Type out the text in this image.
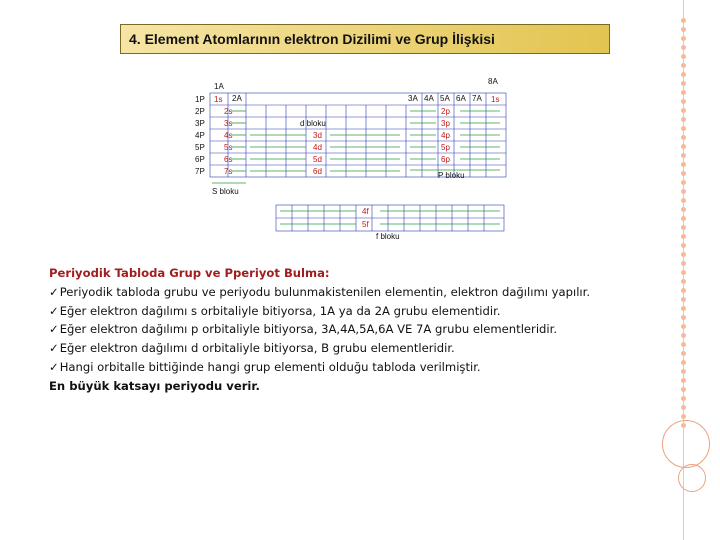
4. Element Atomlarının elektron Dizilimi ve Grup İlişkisi
1A
2A
8A
3A 4A 5A 6A 7A
1P
2P
3P
4P
5P
6P
7P
1s
2s
3s
4s
5s
6s
7s
d bloku
3d
4d
5d
6d
1s
2p
3p
4p
5p
6p
P bloku
S bloku
4f
5f
f bloku
Periyodik Tabloda Grup ve Pperiyot Bulma:
✓Periyodik tabloda grubu ve periyodu bulunmakistenilen elementin, elektron dağılımı yapılır.
✓Eğer elektron dağılımı s orbitaliyle bitiyorsa, 1A ya da 2A grubu elementidir.
✓Eğer elektron dağılımı p orbitaliyle bitiyorsa, 3A,4A,5A,6A VE 7A grubu elementleridir.
✓Eğer elektron dağılımı d orbitaliyle bitiyorsa, B grubu elementleridir.
✓Hangi orbitalle bittiğinde hangi grup elementi olduğu tabloda verilmiştir.
En büyük katsayı periyodu verir.
